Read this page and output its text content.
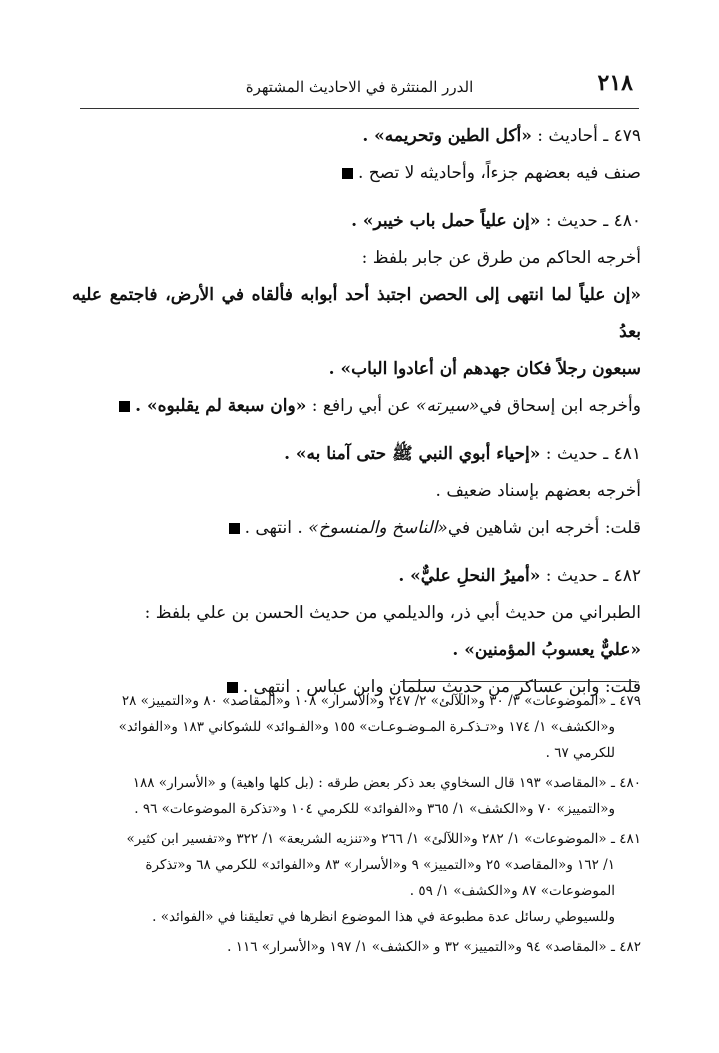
٢١٨
الدرر المنتثرة في الاحاديث المشتهرة
٤٧٩ ـ أحاديث : «أكل الطين وتحريمه» .
صنف فيه بعضهم جزءاً، وأحاديثه لا تصح .
٤٨٠ ـ حديث : «إن علياً حمل باب خيبر» .
أخرجه الحاكم من طرق عن جابر بلفظ :
«إن علياً لما انتهى إلى الحصن اجتبذ أحد أبوابه فألقاه في الأرض، فاجتمع عليه بعدُ
سبعون رجلاً فكان جهدهم أن أعادوا الباب» .
وأخرجه ابن إسحاق في«سيرته» عن أبي رافع : «وان سبعة لم يقلبوه» .
٤٨١ ـ حديث : «إحياء أبوي النبي ﷺ حتى آمنا به» .
أخرجه بعضهم بإسناد ضعيف .
قلت: أخرجه ابن شاهين في«الناسخ والمنسوخ» . انتهى .
٤٨٢ ـ حديث : «أميرُ النحلِ عليٌّ» .
الطبراني من حديث أبي ذر، والديلمي من حديث الحسن بن علي بلفظ :
«عليٌّ يعسوبُ المؤمنين» .
قلت: وابن عساكر من حديث سلمان وابن عباس . انتهى .
٤٧٩ ـ «الموضوعات» ٣/ ٣٠ و«اللآلئ» ٢/ ٢٤٧ و«الأسرار» ١٠٨ و«المقاصد» ٨٠ و«التمييز» ٢٨
و«الكشف» ١/ ١٧٤ و«تـذكـرة المـوضـوعـات» ١٥٥ و«الفـوائد» للشوكاني ١٨٣ و«الفوائد»
للكرمي ٦٧ .
٤٨٠ ـ «المقاصد» ١٩٣ قال السخاوي بعد ذكر بعض طرقه : (بل كلها واهية) و «الأسرار» ١٨٨
و«التمييز» ٧٠ و«الكشف» ١/ ٣٦٥ و«الفوائد» للكرمي ١٠٤ و«تذكرة الموضوعات» ٩٦ .
٤٨١ ـ «الموضوعات» ١/ ٢٨٢ و«اللآلئ» ١/ ٢٦٦ و«تنزيه الشريعة» ١/ ٣٢٢ و«تفسير ابن كثير»
١/ ١٦٢ و«المقاصد» ٢٥ و«التمييز» ٩ و«الأسرار» ٨٣ و«الفوائد» للكرمي ٦٨ و«تذكرة
الموضوعات» ٨٧ و«الكشف» ١/ ٥٩ .
وللسيوطي رسائل عدة مطبوعة في هذا الموضوع انظرها في تعليقنا في «الفوائد» .
٤٨٢ ـ «المقاصد» ٩٤ و«التمييز» ٣٢ و «الكشف» ١/ ١٩٧ و«الأسرار» ١١٦ .
